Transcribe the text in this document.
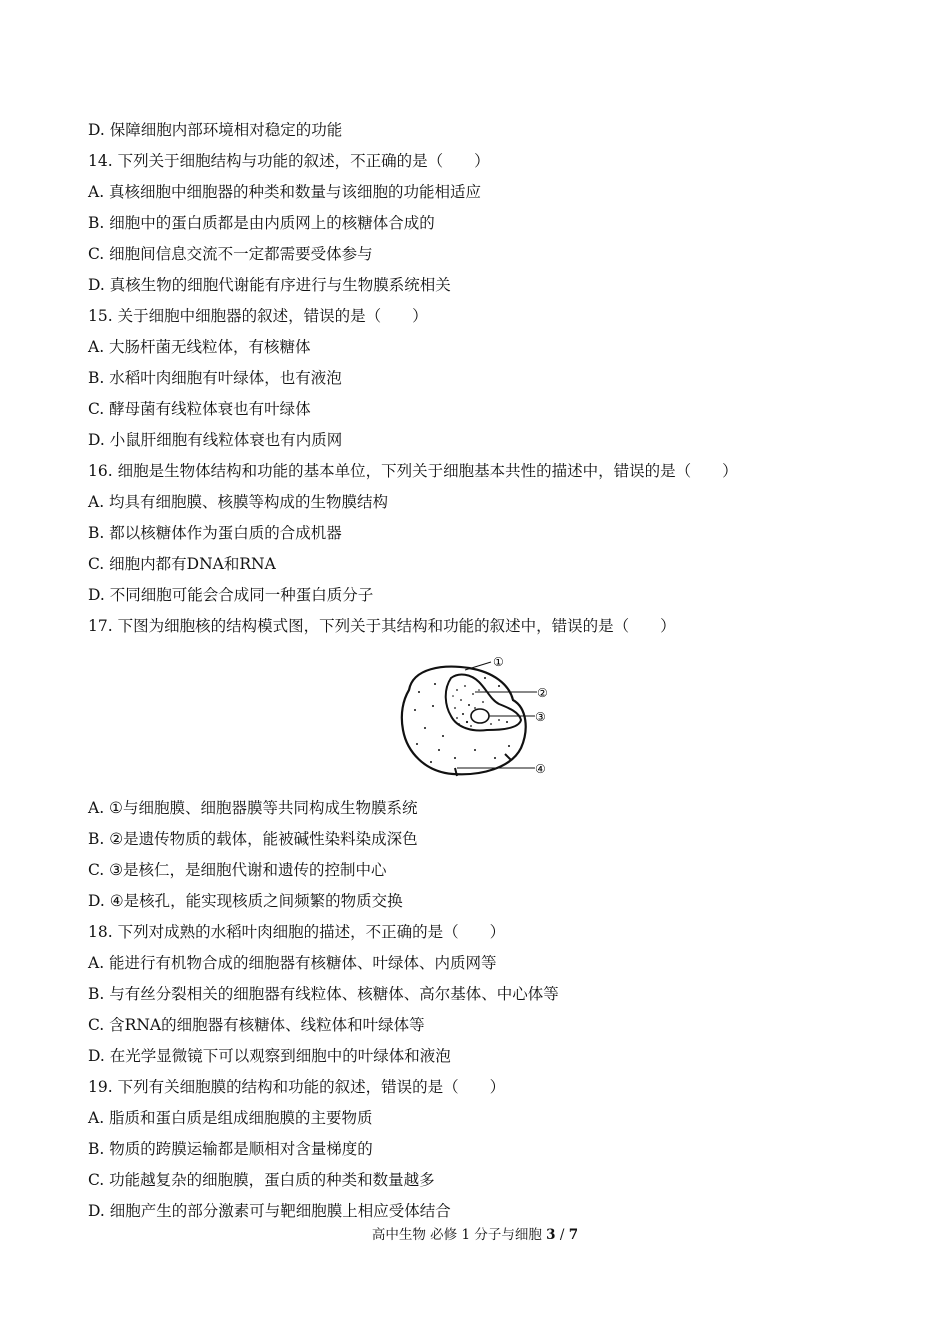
D. 保障细胞内部环境相对稳定的功能
14. 下列关于细胞结构与功能的叙述，不正确的是（　　）
A. 真核细胞中细胞器的种类和数量与该细胞的功能相适应
B. 细胞中的蛋白质都是由内质网上的核糖体合成的
C. 细胞间信息交流不一定都需要受体参与
D. 真核生物的细胞代谢能有序进行与生物膜系统相关
15. 关于细胞中细胞器的叙述，错误的是（　　）
A. 大肠杆菌无线粒体，有核糖体
B. 水稻叶肉细胞有叶绿体，也有液泡
C. 酵母菌有线粒体衰也有叶绿体
D. 小鼠肝细胞有线粒体衰也有内质网
16. 细胞是生物体结构和功能的基本单位，下列关于细胞基本共性的描述中，错误的是（　　）
A. 均具有细胞膜、核膜等构成的生物膜结构
B. 都以核糖体作为蛋白质的合成机器
C. 细胞内都有DNA和RNA
D. 不同细胞可能会合成同一种蛋白质分子
17. 下图为细胞核的结构模式图，下列关于其结构和功能的叙述中，错误的是（　　）
①
②
③
④
A. ①与细胞膜、细胞器膜等共同构成生物膜系统
B. ②是遗传物质的载体，能被碱性染料染成深色
C. ③是核仁，是细胞代谢和遗传的控制中心
D. ④是核孔，能实现核质之间频繁的物质交换
18. 下列对成熟的水稻叶肉细胞的描述，不正确的是（　　）
A. 能进行有机物合成的细胞器有核糖体、叶绿体、内质网等
B. 与有丝分裂相关的细胞器有线粒体、核糖体、高尔基体、中心体等
C. 含RNA的细胞器有核糖体、线粒体和叶绿体等
D. 在光学显微镜下可以观察到细胞中的叶绿体和液泡
19. 下列有关细胞膜的结构和功能的叙述，错误的是（　　）
A. 脂质和蛋白质是组成细胞膜的主要物质
B. 物质的跨膜运输都是顺相对含量梯度的
C. 功能越复杂的细胞膜，蛋白质的种类和数量越多
D. 细胞产生的部分激素可与靶细胞膜上相应受体结合
高中生物 必修 1 分子与细胞 3 / 7
